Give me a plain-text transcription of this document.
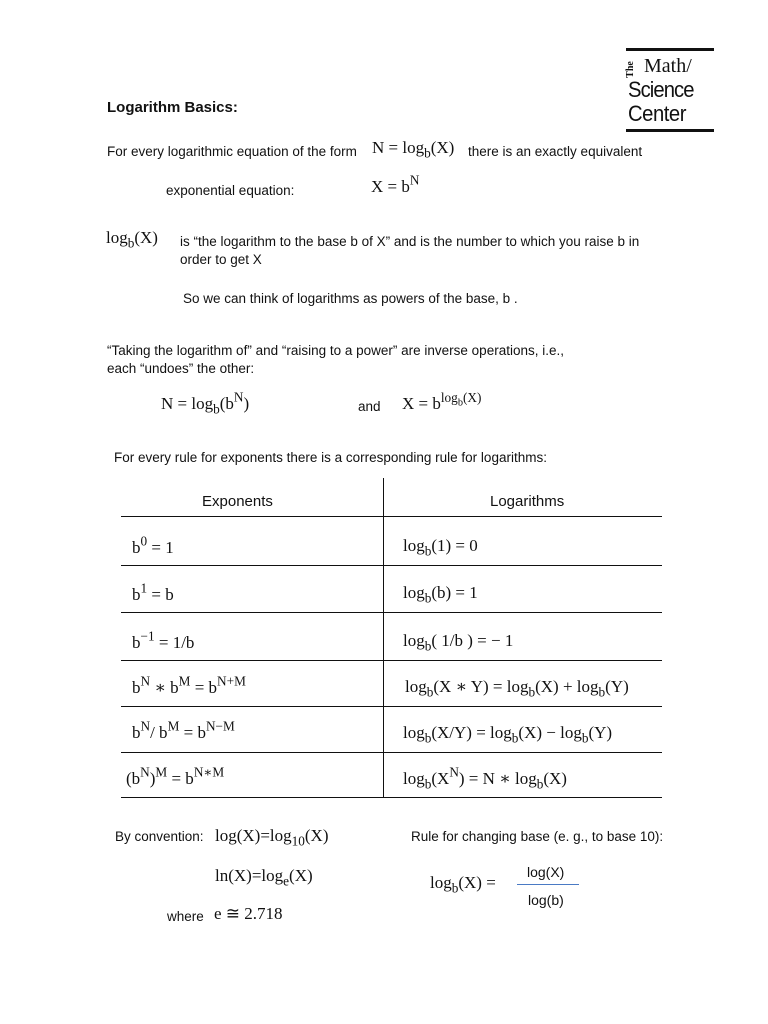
The Math/
Science
Center
Logarithm Basics:
For every logarithmic equation of the form $N = \log_b(X)$ there is an exactly equivalent
exponential equation:	$X = b^N$
$\log_b(X)$ is “the logarithm to the base b of X” and is the number to which you raise b in
order to get X
So we can think of logarithms as powers of the base, b .
“Taking the logarithm of” and “raising to a power” are inverse operations, i.e.,
each “undoes” the other:
$N = \log_b(b^N)$	and $X = b^{log_b(X)}$
For every rule for exponents there is a corresponding rule for logarithms:
Exponents	Logarithms
$b^0 = 1$	$\log_b(1) = 0$
$b^1 = b$	$\log_b(b) = 1$
$b^{-1} = 1/b$	$\log_b$( 1/b ) = − 1
$b^N$ ∗ $b^M = b^{N+M}$	$\log_b(X$ ∗ $Y) = \log_b(X) + \log_b(Y)$
$b^N/$ $b^M = b^{N-M}$	$\log_b(X/Y) = \log_b(X) - \log_b(Y)$
$(b^N)^M = b^{N∗M}$	$\log_b(X^N) = N$ ∗ $\log_b(X)$
By convention: $\log(X)=\log_{10}(X)$
$\ln(X)=\log_e(X)$
where e ≅ 2.718
Rule for changing base (e. g., to base 10):
$\log_b(X)$ =
log(X)
log(b)
